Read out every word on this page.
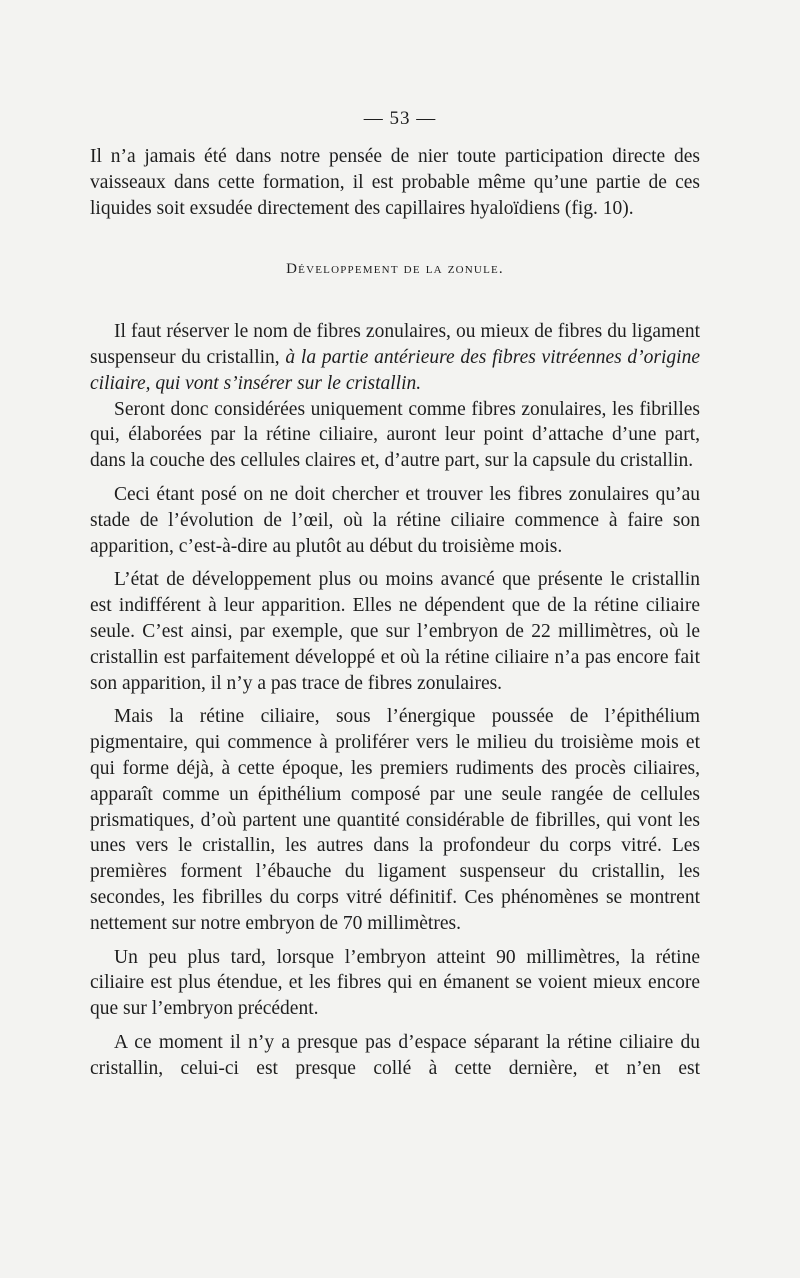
— 53 —

Il n’a jamais été dans notre pensée de nier toute participation directe des vaisseaux dans cette formation, il est probable même qu’une partie de ces liquides soit exsudée directement des capillaires hyaloïdiens (fig. 10).

Développement de la zonule.

Il faut réserver le nom de fibres zonulaires, ou mieux de fibres du ligament suspenseur du cristallin, à la partie antérieure des fibres vitréennes d’origine ciliaire, qui vont s’insérer sur le cristallin.

Seront donc considérées uniquement comme fibres zonulaires, les fibrilles qui, élaborées par la rétine ciliaire, auront leur point d’attache d’une part, dans la couche des cellules claires et, d’autre part, sur la capsule du cristallin.

Ceci étant posé on ne doit chercher et trouver les fibres zonulaires qu’au stade de l’évolution de l’œil, où la rétine ciliaire commence à faire son apparition, c’est-à-dire au plutôt au début du troisième mois.

L’état de développement plus ou moins avancé que présente le cristallin est indifférent à leur apparition. Elles ne dépendent que de la rétine ciliaire seule. C’est ainsi, par exemple, que sur l’embryon de 22 millimètres, où le cristallin est parfaitement développé et où la rétine ciliaire n’a pas encore fait son apparition, il n’y a pas trace de fibres zonulaires.

Mais la rétine ciliaire, sous l’énergique poussée de l’épithélium pigmentaire, qui commence à proliférer vers le milieu du troisième mois et qui forme déjà, à cette époque, les premiers rudiments des procès ciliaires, apparaît comme un épithélium composé par une seule rangée de cellules prismatiques, d’où partent une quantité considérable de fibrilles, qui vont les unes vers le cristallin, les autres dans la profondeur du corps vitré. Les premières forment l’ébauche du ligament suspenseur du cristallin, les secondes, les fibrilles du corps vitré définitif. Ces phénomènes se montrent nettement sur notre embryon de 70 millimètres.

Un peu plus tard, lorsque l’embryon atteint 90 millimètres, la rétine ciliaire est plus étendue, et les fibres qui en émanent se voient mieux encore que sur l’embryon précédent.

A ce moment il n’y a presque pas d’espace séparant la rétine ciliaire du cristallin, celui-ci est presque collé à cette dernière, et n’en est
